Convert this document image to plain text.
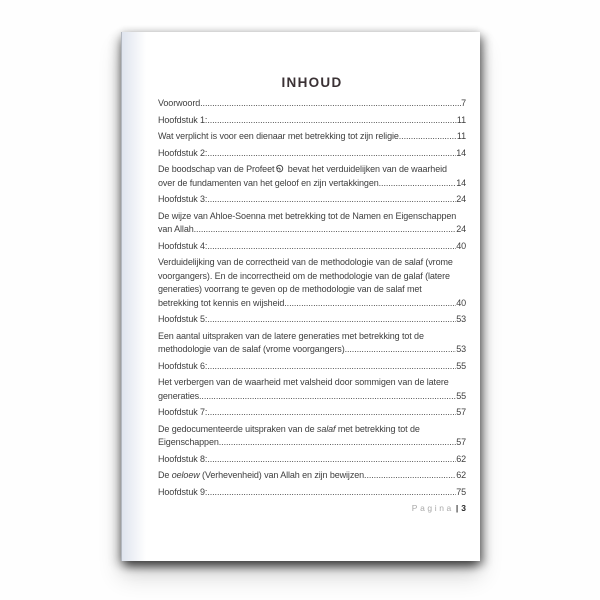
INHOUD
Voorwoord .....	7
Hoofdstuk 1: .....	11
Wat verplicht is voor een dienaar met betrekking tot zijn religie .....	11
Hoofdstuk 2: .....	14
De boodschap van de Profeet bevat het verduidelijken van de waarheid
over de fundamenten van het geloof en zijn vertakkingen .....	14
Hoofdstuk 3: .....	24
De wijze van Ahloe-Soenna met betrekking tot de Namen en Eigenschappen
van Allah .....	24
Hoofdstuk 4: .....	40
Verduidelijking van de correctheid van de methodologie van de salaf (vrome
voorgangers). En de incorrectheid om de methodologie van de galaf (latere
generaties) voorrang te geven op de methodologie van de salaf met
betrekking tot kennis en wijsheid .....	40
Hoofdstuk 5: .....	53
Een aantal uitspraken van de latere generaties met betrekking tot de
methodologie van de salaf (vrome voorgangers) .....	53
Hoofdstuk 6: .....	55
Het verbergen van de waarheid met valsheid door sommigen van de latere
generaties .....	55
Hoofdstuk 7: .....	57
De gedocumenteerde uitspraken van de salaf met betrekking tot de
Eigenschappen .....	57
Hoofdstuk 8: .....	62
De oeloew (Verhevenheid) van Allah en zijn bewijzen .....	62
Hoofdstuk 9: .....	75
Pagina | 3
